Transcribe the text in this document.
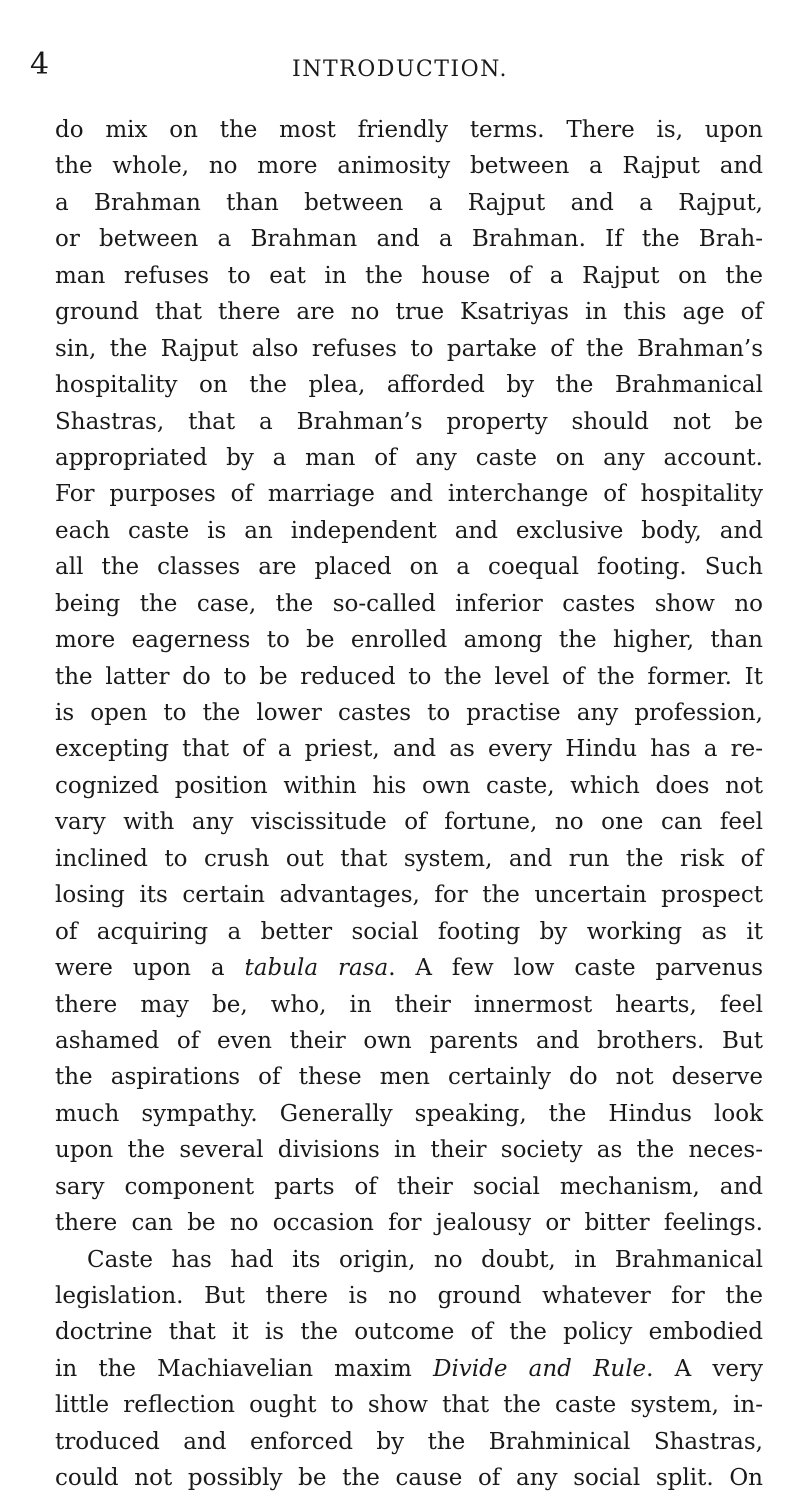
4	INTRODUCTION.
do mix on the most friendly terms. There is, upon
the whole, no more animosity between a Rajput and
a Brahman than between a Rajput and a Rajput,
or between a Brahman and a Brahman. If the Brah-
man refuses to eat in the house of a Rajput on the
ground that there are no true Ksatriyas in this age of
sin, the Rajput also refuses to partake of the Brahman’s
hospitality on the plea, afforded by the Brahmanical
Shastras, that a Brahman’s property should not be
appropriated by a man of any caste on any account.
For purposes of marriage and interchange of hospitality
each caste is an independent and exclusive body, and
all the classes are placed on a coequal footing. Such
being the case, the so-called inferior castes show no
more eagerness to be enrolled among the higher, than
the latter do to be reduced to the level of the former. It
is open to the lower castes to practise any profession,
excepting that of a priest, and as every Hindu has a re-
cognized position within his own caste, which does not
vary with any viscissitude of fortune, no one can feel
inclined to crush out that system, and run the risk of
losing its certain advantages, for the uncertain prospect
of acquiring a better social footing by working as it
were upon a tabula rasa. A few low caste parvenus
there may be, who, in their innermost hearts, feel
ashamed of even their own parents and brothers. But
the aspirations of these men certainly do not deserve
much sympathy. Generally speaking, the Hindus look
upon the several divisions in their society as the neces-
sary component parts of their social mechanism, and
there can be no occasion for jealousy or bitter feelings.
Caste has had its origin, no doubt, in Brahmanical
legislation. But there is no ground whatever for the
doctrine that it is the outcome of the policy embodied
in the Machiavelian maxim Divide and Rule. A very
little reflection ought to show that the caste system, in-
troduced and enforced by the Brahminical Shastras,
could not possibly be the cause of any social split. On
